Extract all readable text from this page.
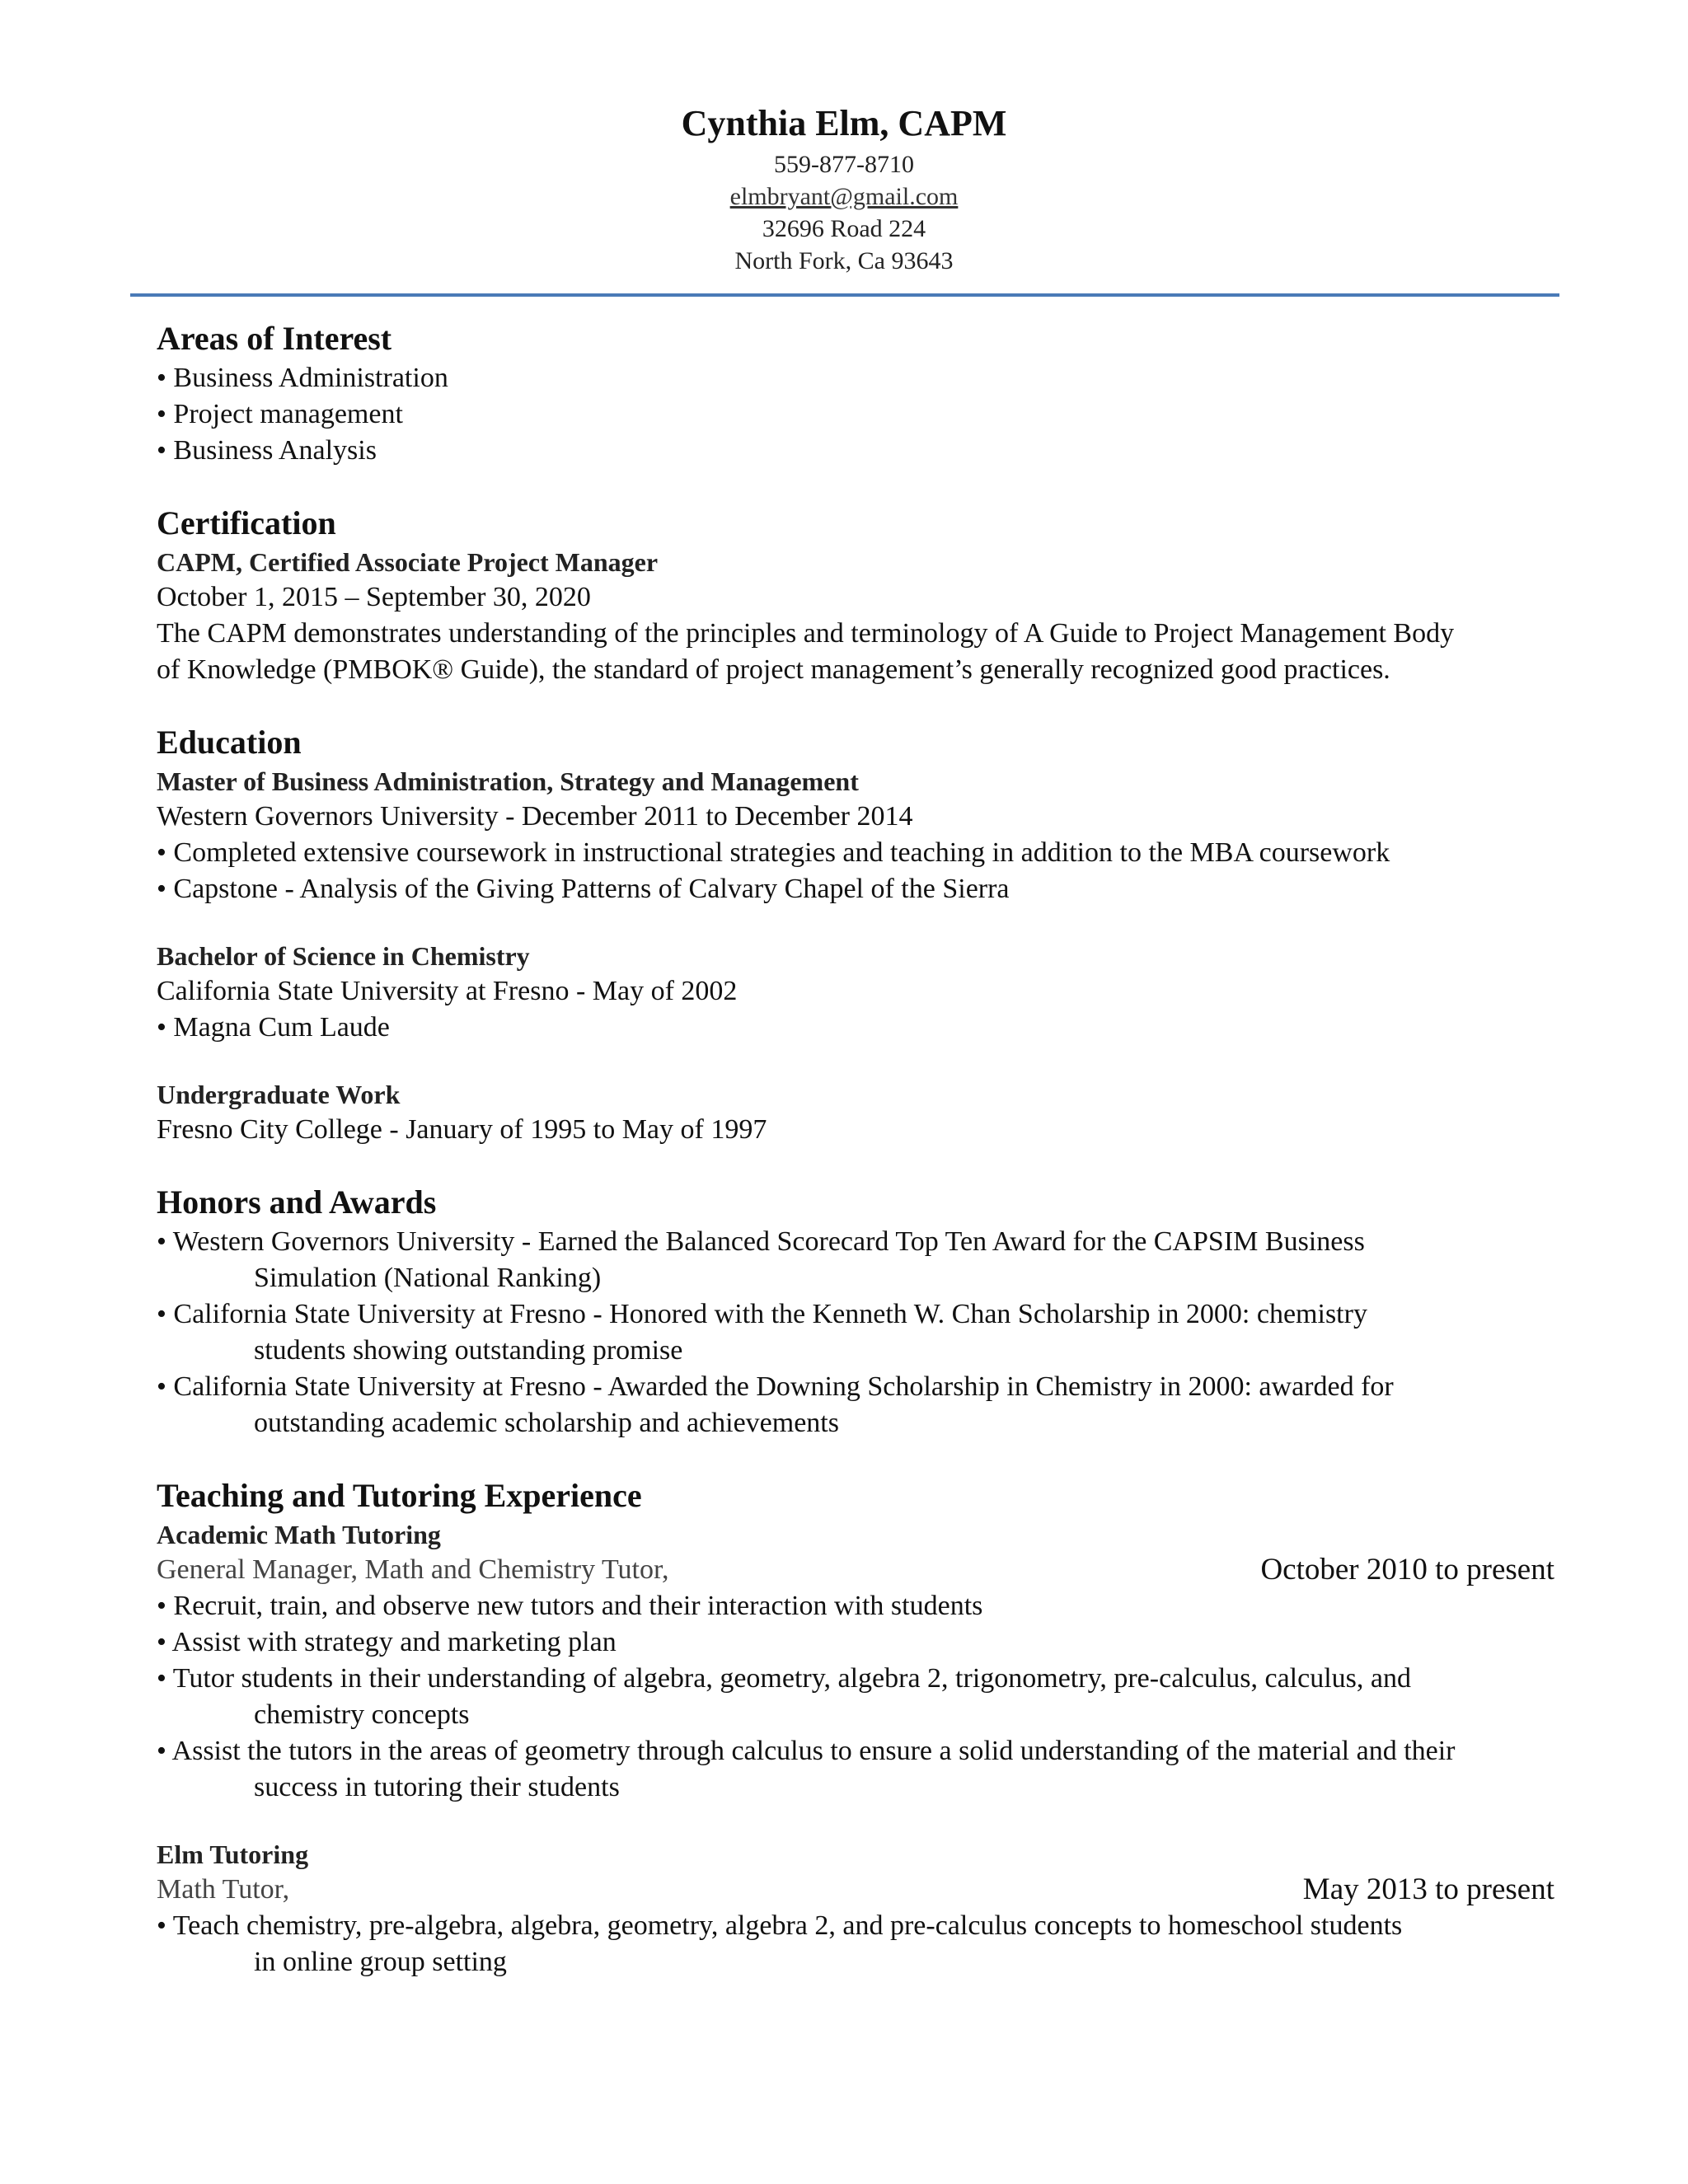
Cynthia Elm, CAPM
559-877-8710
elmbryant@gmail.com
32696 Road 224
North Fork, Ca 93643
Areas of Interest
• Business Administration
• Project management
• Business Analysis
Certification
CAPM, Certified Associate Project Manager
October 1, 2015 – September 30, 2020
The CAPM demonstrates understanding of the principles and terminology of A Guide to Project Management Body
of Knowledge (PMBOK® Guide), the standard of project management’s generally recognized good practices.
Education
Master of Business Administration, Strategy and Management
Western Governors University - December 2011 to December 2014
• Completed extensive coursework in instructional strategies and teaching in addition to the MBA coursework
• Capstone - Analysis of the Giving Patterns of Calvary Chapel of the Sierra
Bachelor of Science in Chemistry
California State University at Fresno - May of 2002
• Magna Cum Laude
Undergraduate Work
Fresno City College - January of 1995 to May of 1997
Honors and Awards
• Western Governors University - Earned the Balanced Scorecard Top Ten Award for the CAPSIM Business
Simulation (National Ranking)
• California State University at Fresno - Honored with the Kenneth W. Chan Scholarship in 2000: chemistry
students showing outstanding promise
• California State University at Fresno - Awarded the Downing Scholarship in Chemistry in 2000: awarded for
outstanding academic scholarship and achievements
Teaching and Tutoring Experience
Academic Math Tutoring
General Manager, Math and Chemistry Tutor,	October 2010 to present
• Recruit, train, and observe new tutors and their interaction with students
• Assist with strategy and marketing plan
• Tutor students in their understanding of algebra, geometry, algebra 2, trigonometry, pre-calculus, calculus, and
chemistry concepts
• Assist the tutors in the areas of geometry through calculus to ensure a solid understanding of the material and their
success in tutoring their students
Elm Tutoring
Math Tutor,	May 2013 to present
• Teach chemistry, pre-algebra, algebra, geometry, algebra 2, and pre-calculus concepts to homeschool students
in online group setting
